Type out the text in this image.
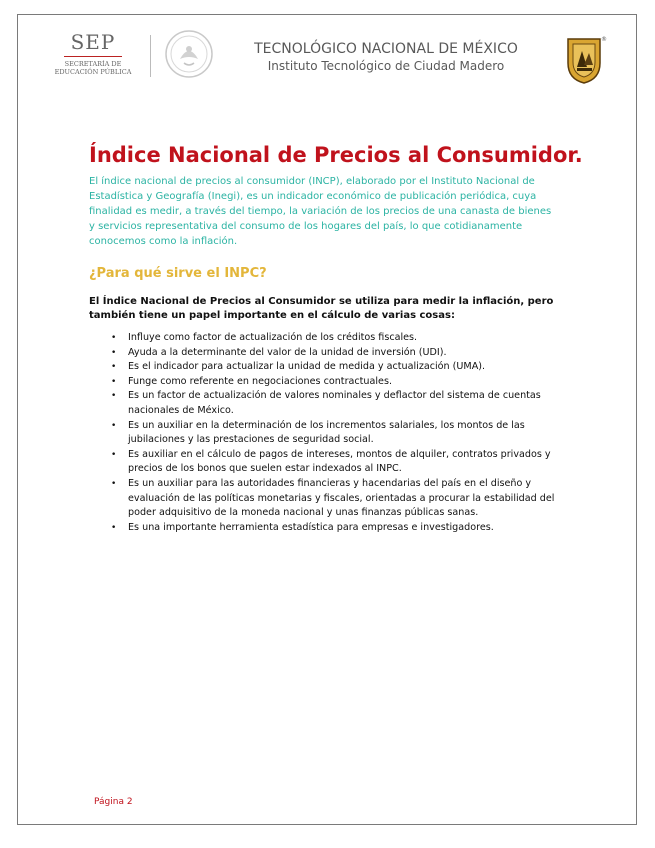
SEP
SECRETARÍA DE
EDUCACIÓN PÚBLICA
TECNOLÓGICO NACIONAL DE MÉXICO
Instituto Tecnológico de Ciudad Madero
®
Índice Nacional de Precios al Consumidor.
El índice nacional de precios al consumidor (INCP), elaborado por el Instituto Nacional de Estadística y Geografía (Inegi), es un indicador económico de publicación periódica, cuya finalidad es medir, a través del tiempo, la variación de los precios de una canasta de bienes y servicios representativa del consumo de los hogares del país, lo que cotidianamente conocemos como la inflación.
¿Para qué sirve el INPC?
El Índice Nacional de Precios al Consumidor se utiliza para medir la inflación, pero también tiene un papel importante en el cálculo de varias cosas:
• Influye como factor de actualización de los créditos fiscales.
• Ayuda a la determinante del valor de la unidad de inversión (UDI).
• Es el indicador para actualizar la unidad de medida y actualización (UMA).
• Funge como referente en negociaciones contractuales.
• Es un factor de actualización de valores nominales y deflactor del sistema de cuentas nacionales de México.
• Es un auxiliar en la determinación de los incrementos salariales, los montos de las jubilaciones y las prestaciones de seguridad social.
• Es auxiliar en el cálculo de pagos de intereses, montos de alquiler, contratos privados y precios de los bonos que suelen estar indexados al INPC.
• Es un auxiliar para las autoridades financieras y hacendarias del país en el diseño y evaluación de las políticas monetarias y fiscales, orientadas a procurar la estabilidad del poder adquisitivo de la moneda nacional y unas finanzas públicas sanas.
• Es una importante herramienta estadística para empresas e investigadores.
Página 2
